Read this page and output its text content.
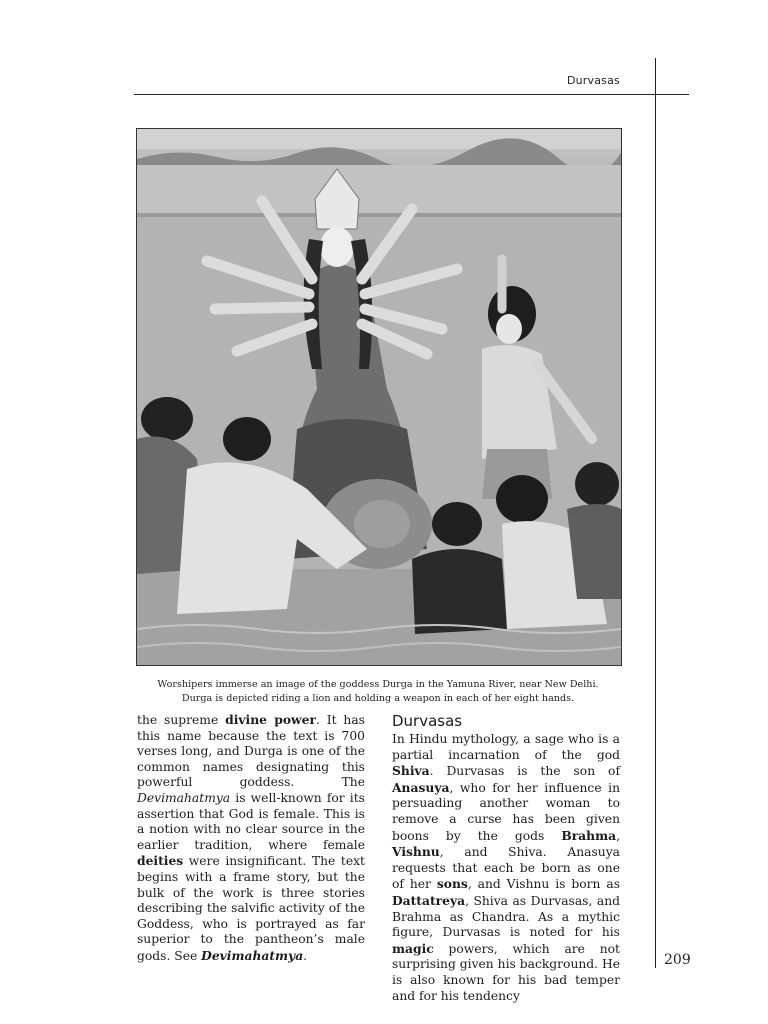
Durvasas
Worshipers immerse an image of the goddess Durga in the Yamuna River, near New Delhi.
Durga is depicted riding a lion and holding a weapon in each of her eight hands.

the supreme divine power. It has this name because the text is 700 verses long, and Durga is one of the common names designating this powerful goddess. The Devimahatmya is well-known for its assertion that God is female. This is a notion with no clear source in the earlier tradition, where female deities were insignificant. The text begins with a frame story, but the bulk of the work is three stories describing the salvific activity of the Goddess, who is portrayed as far superior to the pantheon’s male gods. See Devimahatmya.

Durvasas

In Hindu mythology, a sage who is a partial incarnation of the god Shiva. Durvasas is the son of Anasuya, who for her influence in persuading another woman to remove a curse has been given boons by the gods Brahma, Vishnu, and Shiva. Anasuya requests that each be born as one of her sons, and Vishnu is born as Dattatreya, Shiva as Durvasas, and Brahma as Chandra. As a mythic figure, Durvasas is noted for his magic powers, which are not surprising given his background. He is also known for his bad temper and for his tendency

209
